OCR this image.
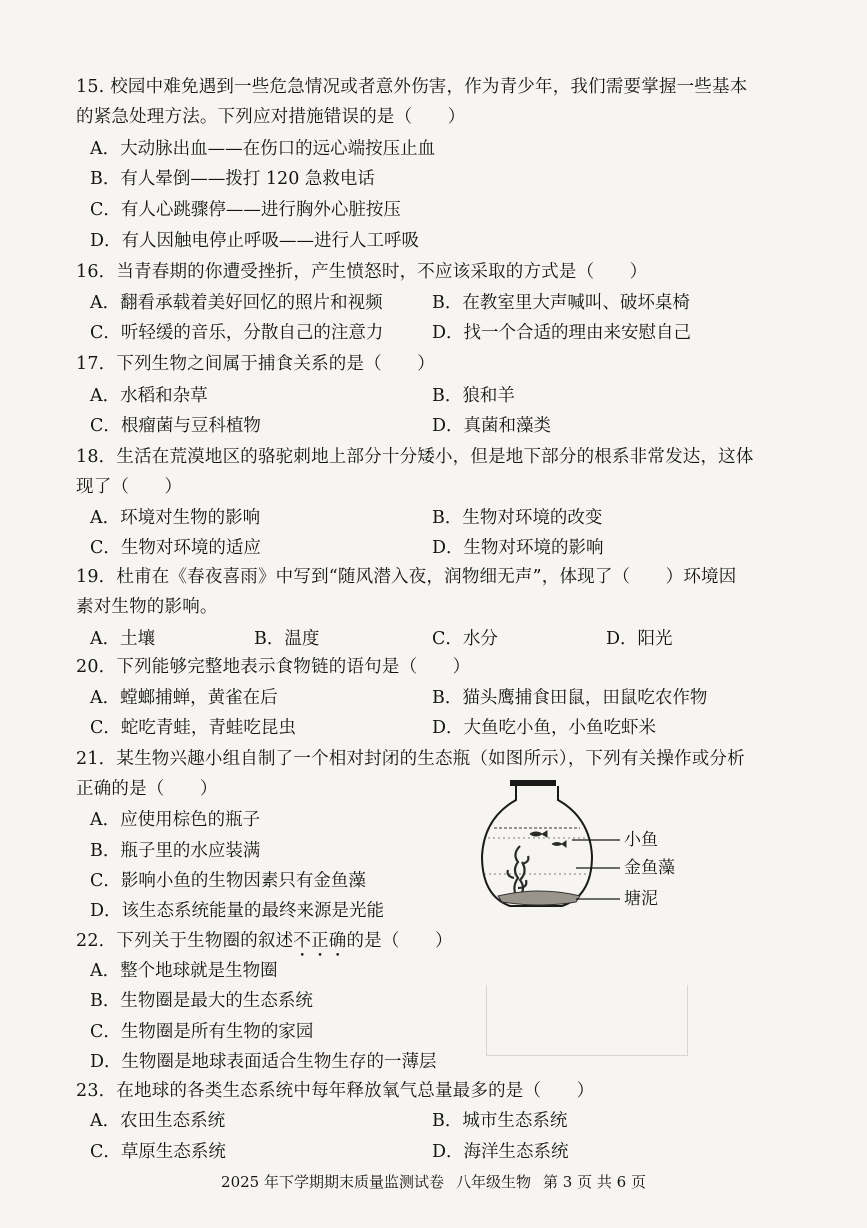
15. 校园中难免遇到一些危急情况或者意外伤害，作为青少年，我们需要掌握一些基本
的紧急处理方法。下列应对措施错误的是（　　）
A．大动脉出血——在伤口的远心端按压止血
B．有人晕倒——拨打 120 急救电话
C．有人心跳骤停——进行胸外心脏按压
D．有人因触电停止呼吸——进行人工呼吸
16．当青春期的你遭受挫折，产生愤怒时，不应该采取的方式是（　　）
A．翻看承载着美好回忆的照片和视频	B．在教室里大声喊叫、破坏桌椅
C．听轻缓的音乐，分散自己的注意力	D．找一个合适的理由来安慰自己
17．下列生物之间属于捕食关系的是（　　）
A．水稻和杂草	B．狼和羊
C．根瘤菌与豆科植物	D．真菌和藻类
18．生活在荒漠地区的骆驼刺地上部分十分矮小，但是地下部分的根系非常发达，这体
现了（　　）
A．环境对生物的影响	B．生物对环境的改变
C．生物对环境的适应	D．生物对环境的影响
19．杜甫在《春夜喜雨》中写到“随风潜入夜，润物细无声”，体现了（　　）环境因
素对生物的影响。
A．土壤	B．温度	C．水分	D．阳光
20．下列能够完整地表示食物链的语句是（　　）
A．螳螂捕蝉，黄雀在后	B．猫头鹰捕食田鼠，田鼠吃农作物
C．蛇吃青蛙，青蛙吃昆虫	D．大鱼吃小鱼，小鱼吃虾米
21．某生物兴趣小组自制了一个相对封闭的生态瓶（如图所示），下列有关操作或分析
正确的是（　　）
A．应使用棕色的瓶子
B．瓶子里的水应装满
C．影响小鱼的生物因素只有金鱼藻
D．该生态系统能量的最终来源是光能
小鱼
金鱼藻
塘泥
22．下列关于生物圈的叙述不正确的是（　　）
A．整个地球就是生物圈
B．生物圈是最大的生态系统
C．生物圈是所有生物的家园
D．生物圈是地球表面适合生物生存的一薄层
23．在地球的各类生态系统中每年释放氧气总量最多的是（　　）
A．农田生态系统	B．城市生态系统
C．草原生态系统	D．海洋生态系统
2025 年下学期期末质量监测试卷 八年级生物 第 3 页 共 6 页
